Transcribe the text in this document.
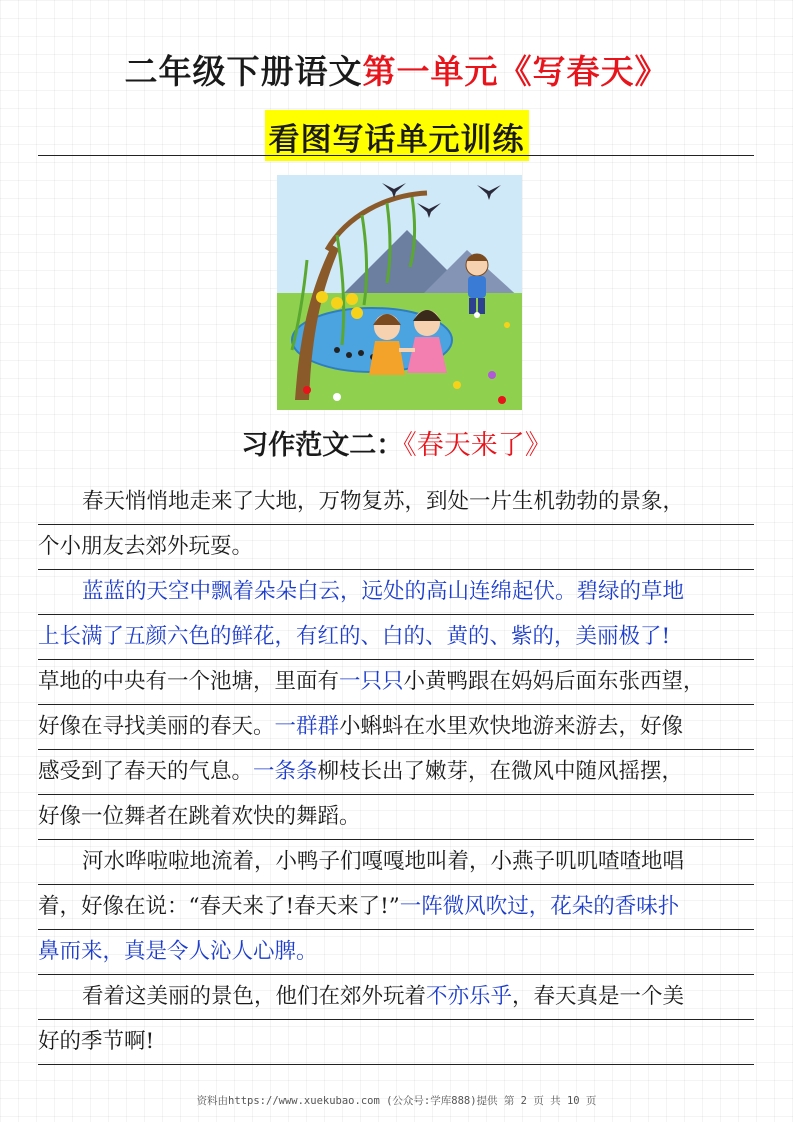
二年级下册语文第一单元《写春天》
看图写话单元训练
习作范文二：《春天来了》
春天悄悄地走来了大地，万物复苏，到处一片生机勃勃的景象，
个小朋友去郊外玩耍。
蓝蓝的天空中飘着朵朵白云，远处的高山连绵起伏。碧绿的草地
上长满了五颜六色的鲜花，有红的、白的、黄的、紫的，美丽极了!
草地的中央有一个池塘，里面有一只只小黄鸭跟在妈妈后面东张西望，
好像在寻找美丽的春天。一群群小蝌蚪在水里欢快地游来游去，好像
感受到了春天的气息。一条条柳枝长出了嫩芽，在微风中随风摇摆，
好像一位舞者在跳着欢快的舞蹈。
河水哗啦啦地流着，小鸭子们嘎嘎地叫着，小燕子叽叽喳喳地唱
着，好像在说：“春天来了!春天来了!”一阵微风吹过，花朵的香味扑
鼻而来，真是令人沁人心脾。
看着这美丽的景色，他们在郊外玩着不亦乐乎，春天真是一个美
好的季节啊!
资料由https://www.xuekubao.com (公众号:学库888)提供 第 2 页 共 10 页
